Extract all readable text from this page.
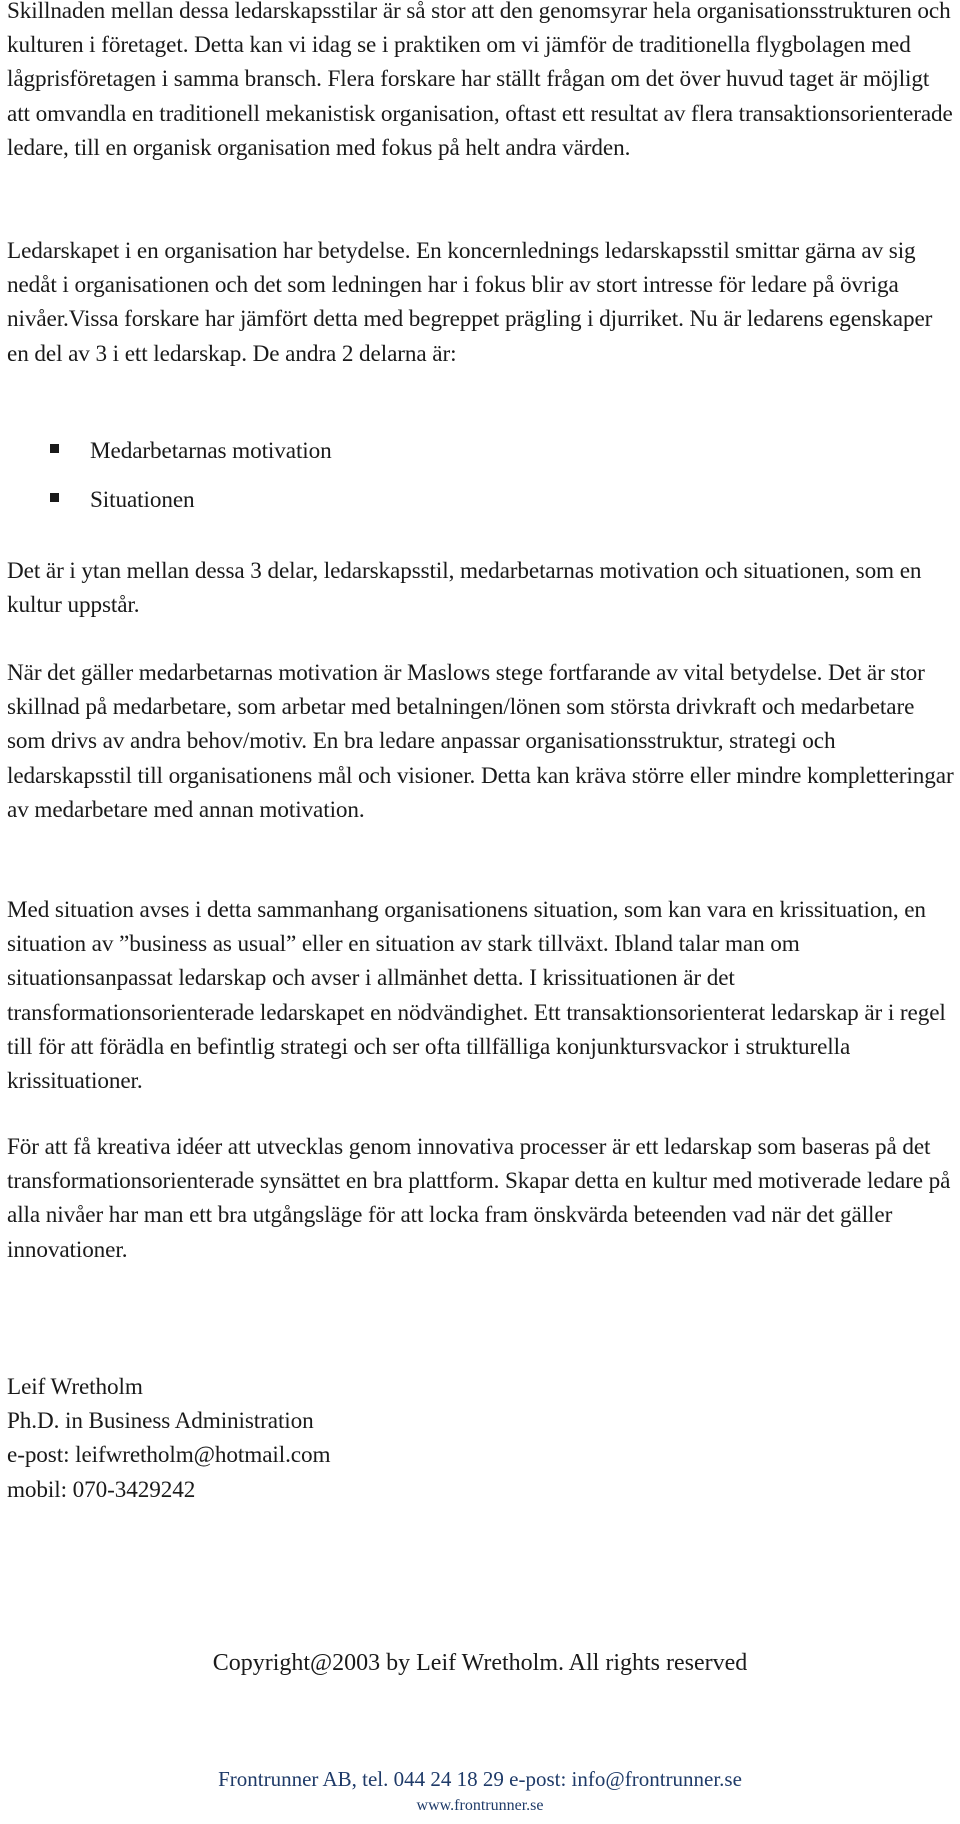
Skillnaden mellan dessa ledarskapsstilar är så stor att den genomsyrar hela organisationsstrukturen och kulturen i företaget. Detta kan vi idag se i praktiken om vi jämför de traditionella flygbolagen med lågprisföretagen i samma bransch. Flera forskare har ställt frågan om det över huvud taget är möjligt att omvandla en traditionell mekanistisk organisation, oftast ett resultat av flera transaktionsorienterade ledare, till en organisk organisation med fokus på helt andra värden.

Ledarskapet i en organisation har betydelse. En koncernlednings ledarskapsstil smittar gärna av sig nedåt i organisationen och det som ledningen har i fokus blir av stort intresse för ledare på övriga nivåer.Vissa forskare har jämfört detta med begreppet prägling i djurriket. Nu är ledarens egenskaper en del av 3 i ett ledarskap. De andra 2 delarna är:

Medarbetarnas motivation
Situationen

Det är i ytan mellan dessa 3 delar, ledarskapsstil, medarbetarnas motivation och situationen, som en kultur uppstår.

När det gäller medarbetarnas motivation är Maslows stege fortfarande av vital betydelse. Det är stor skillnad på medarbetare, som arbetar med betalningen/lönen som största drivkraft och medarbetare som drivs av andra behov/motiv. En bra ledare anpassar organisationsstruktur, strategi och ledarskapsstil till organisationens mål och visioner. Detta kan kräva större eller mindre kompletteringar av medarbetare med annan motivation.

Med situation avses i detta sammanhang organisationens situation, som kan vara en krissituation, en situation av ”business as usual” eller en situation av stark tillväxt. Ibland talar man om situationsanpassat ledarskap och avser i allmänhet detta. I krissituationen är det transformationsorienterade ledarskapet en nödvändighet. Ett transaktionsorienterat ledarskap är i regel till för att förädla en befintlig strategi och ser ofta tillfälliga konjunktursvackor i strukturella krissituationer.

För att få kreativa idéer att utvecklas genom innovativa processer är ett ledarskap som baseras på det transformationsorienterade synsättet en bra plattform. Skapar detta en kultur med motiverade ledare på alla nivåer har man ett bra utgångsläge för att locka fram önskvärda beteenden vad när det gäller innovationer.

Leif Wretholm

Ph.D. in Business Administration

e-post: leifwretholm@hotmail.com

mobil: 070-3429242

Copyright@2003 by Leif Wretholm. All rights reserved
Frontrunner AB, tel. 044 24 18 29 e-post: info@frontrunner.se
www.frontrunner.se
